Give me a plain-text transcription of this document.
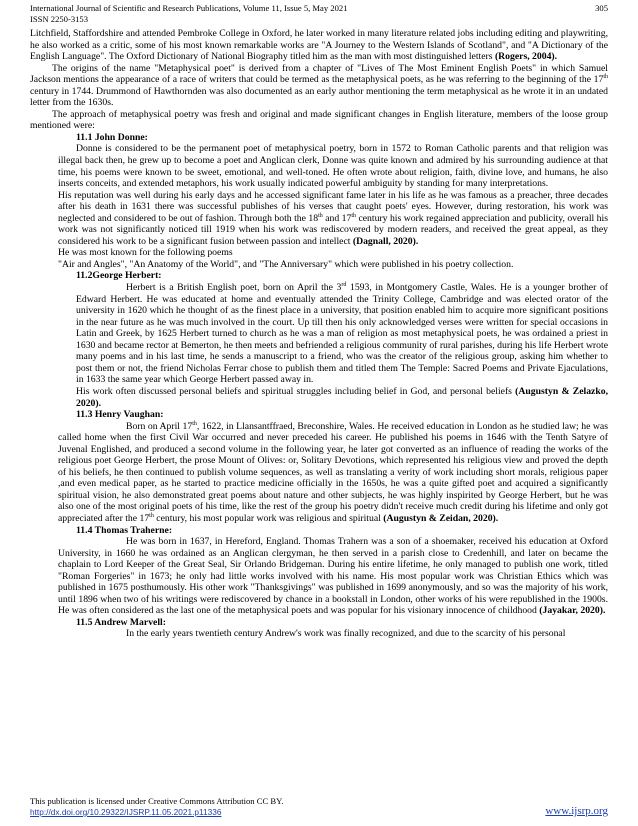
International Journal of Scientific and Research Publications, Volume 11, Issue 5, May 2021
ISSN 2250-3153
305

Litchfield, Staffordshire and attended Pembroke College in Oxford, he later worked in many literature related jobs including editing and playwriting, he also worked as a critic, some of his most known remarkable works are "A Journey to the Western Islands of Scotland", and "A Dictionary of the English Language". The Oxford Dictionary of National Biography titled him as the man with most distinguished letters (Rogers, 2004).

The origins of the name "Metaphysical poet" is derived from a chapter of "Lives of The Most Eminent English Poets" in which Samuel Jackson mentions the appearance of a race of writers that could be termed as the metaphysical poets, as he was referring to the beginning of the 17th century in 1744. Drummond of Hawthornden was also documented as an early author mentioning the term metaphysical as he wrote it in an undated letter from the 1630s.

The approach of metaphysical poetry was fresh and original and made significant changes in English literature, members of the loose group mentioned were:

11.1 John Donne:

Donne is considered to be the permanent poet of metaphysical poetry, born in 1572 to Roman Catholic parents and that religion was illegal back then, he grew up to become a poet and Anglican clerk, Donne was quite known and admired by his surrounding audience at that time, his poems were known to be sweet, emotional, and well-toned. He often wrote about religion, faith, divine love, and humans, he also inserts conceits, and extended metaphors, his work usually indicated powerful ambiguity by standing for many interpretations.

His reputation was well during his early days and he accessed significant fame later in his life as he was famous as a preacher, three decades after his death in 1631 there was successful publishes of his verses that caught poets' eyes. However, during restoration, his work was neglected and considered to be out of fashion. Through both the 18th and 17th century his work regained appreciation and publicity, overall his work was not significantly noticed till 1919 when his work was rediscovered by modern readers, and received the great appeal, as they considered his work to be a significant fusion between passion and intellect (Dagnall, 2020).

He was most known for the following poems

"Air and Angles", "An Anatomy of the World", and "The Anniversary" which were published in his poetry collection.

11.2George Herbert:

Herbert is a British English poet, born on April the 3rd 1593, in Montgomery Castle, Wales. He is a younger brother of Edward Herbert. He was educated at home and eventually attended the Trinity College, Cambridge and was elected orator of the university in 1620 which he thought of as the finest place in a university, that position enabled him to acquire more significant positions in the near future as he was much involved in the court. Up till then his only acknowledged verses were written for special occasions in Latin and Greek, by 1625 Herbert turned to church as he was a man of religion as most metaphysical poets, he was ordained a priest in 1630 and became rector at Bemerton, he then meets and befriended a religious community of rural parishes, during his life Herbert wrote many poems and in his last time, he sends a manuscript to a friend, who was the creator of the religious group, asking him whether to post them or not, the friend Nicholas Ferrar chose to publish them and titled them The Temple: Sacred Poems and Private Ejaculations, in 1633 the same year which George Herbert passed away in.

His work often discussed personal beliefs and spiritual struggles including belief in God, and personal beliefs (Augustyn & Zelazko, 2020).

11.3 Henry Vaughan:

Born on April 17th, 1622, in Llansantffraed, Breconshire, Wales. He received education in London as he studied law; he was called home when the first Civil War occurred and never preceded his career. He published his poems in 1646 with the Tenth Satyre of Juvenal Englished, and produced a second volume in the following year, he later got converted as an influence of reading the works of the religious poet George Herbert, the prose Mount of Olives: or, Solitary Devotions, which represented his religious view and proved the depth of his beliefs, he then continued to publish volume sequences, as well as translating a verity of work including short morals, religious paper ,and even medical paper, as he started to practice medicine officially in the 1650s, he was a quite gifted poet and acquired a significantly spiritual vision, he also demonstrated great poems about nature and other subjects, he was highly inspirited by George Herbert, but he was also one of the most original poets of his time, like the rest of the group his poetry didn't receive much credit during his lifetime and only got appreciated after the 17th century, his most popular work was religious and spiritual (Augustyn & Zeidan, 2020).

11.4 Thomas Traherne:

He was born in 1637, in Hereford, England. Thomas Trahern was a son of a shoemaker, received his education at Oxford University, in 1660 he was ordained as an Anglican clergyman, he then served in a parish close to Credenhill, and later on became the chaplain to Lord Keeper of the Great Seal, Sir Orlando Bridgeman. During his entire lifetime, he only managed to publish one work, titled "Roman Forgeries" in 1673; he only had little works involved with his name. His most popular work was Christian Ethics which was published in 1675 posthumously. His other work "Thanksgivings" was published in 1699 anonymously, and so was the majority of his work, until 1896 when two of his writings were rediscovered by chance in a bookstall in London, other works of his were republished in the 1900s. He was often considered as the last one of the metaphysical poets and was popular for his visionary innocence of childhood (Jayakar, 2020).

11.5 Andrew Marvell:

In the early years twentieth century Andrew's work was finally recognized, and due to the scarcity of his personal

This publication is licensed under Creative Commons Attribution CC BY.
http://dx.doi.org/10.29322/IJSRP.11.05.2021.p11336	www.ijsrp.org
